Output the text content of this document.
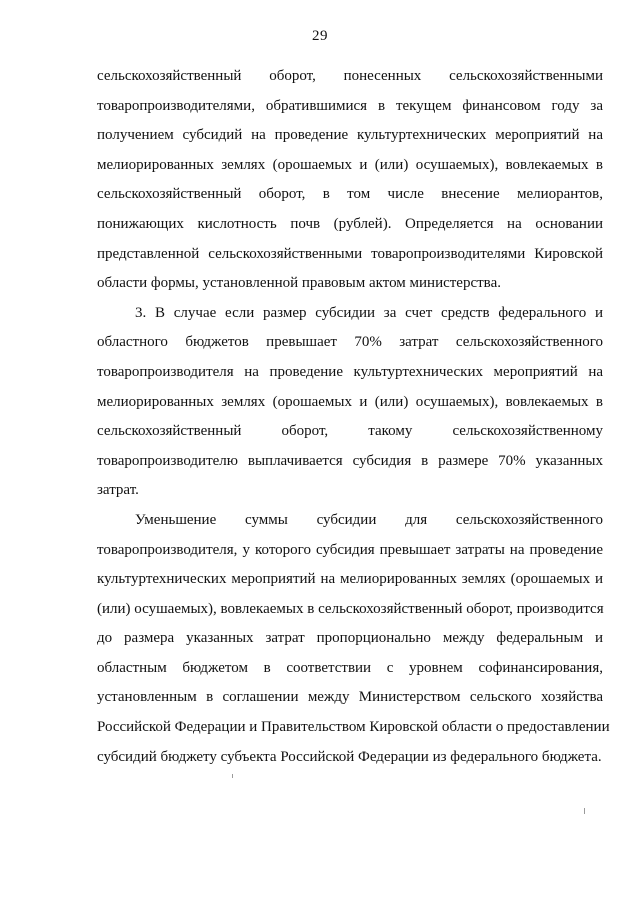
29

сельскохозяйственный оборот, понесенных сельскохозяйственными
товаропроизводителями, обратившимися в текущем финансовом году за
получением субсидий на проведение культуртехнических мероприятий на
мелиорированных землях (орошаемых и (или) осушаемых), вовлекаемых в
сельскохозяйственный оборот, в том числе внесение мелиорантов,
понижающих кислотность почв (рублей). Определяется на основании
представленной сельскохозяйственными товаропроизводителями Кировской
области формы, установленной правовым актом министерства.

3. В случае если размер субсидии за счет средств федерального и
областного бюджетов превышает 70% затрат сельскохозяйственного
товаропроизводителя на проведение культуртехнических мероприятий на
мелиорированных землях (орошаемых и (или) осушаемых), вовлекаемых в
сельскохозяйственный оборот, такому сельскохозяйственному
товаропроизводителю выплачивается субсидия в размере 70% указанных
затрат.

Уменьшение суммы субсидии для сельскохозяйственного
товаропроизводителя, у которого субсидия превышает затраты на проведение
культуртехнических мероприятий на мелиорированных землях (орошаемых и
(или) осушаемых), вовлекаемых в сельскохозяйственный оборот, производится
до размера указанных затрат пропорционально между федеральным и
областным бюджетом в соответствии с уровнем софинансирования,
установленным в соглашении между Министерством сельского хозяйства
Российской Федерации и Правительством Кировской области о предоставлении
субсидий бюджету субъекта Российской Федерации из федерального бюджета.
